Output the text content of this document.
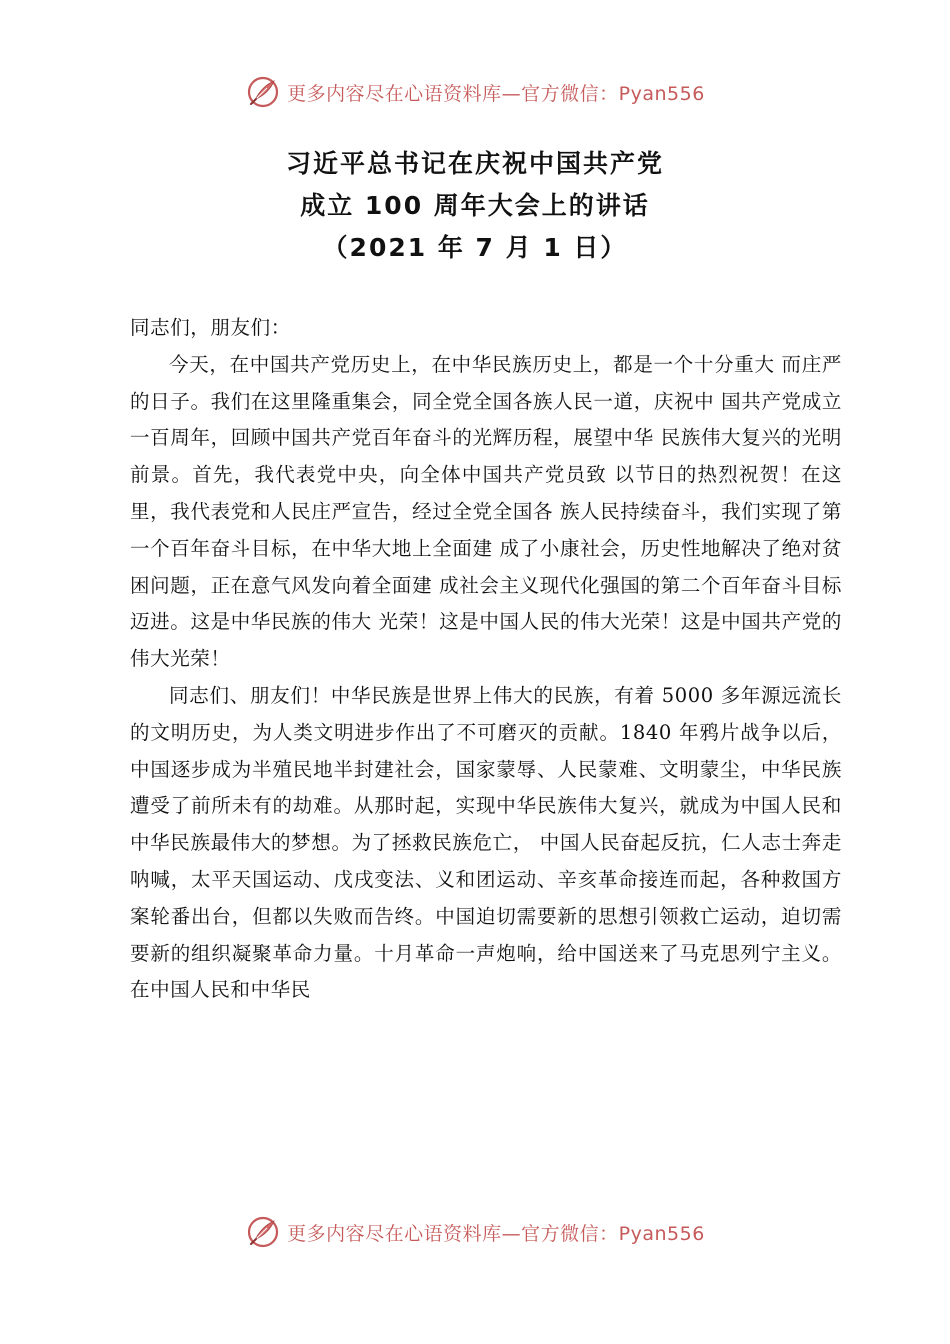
更多内容尽在心语资料库—官方微信：Pyan556
习近平总书记在庆祝中国共产党
成立 100 周年大会上的讲话
（2021 年 7 月 1 日）

同志们，朋友们：

今天，在中国共产党历史上，在中华民族历史上，都是一个十分重大 而庄严的日子。我们在这里隆重集会，同全党全国各族人民一道，庆祝中 国共产党成立一百周年，回顾中国共产党百年奋斗的光辉历程，展望中华 民族伟大复兴的光明前景。首先，我代表党中央，向全体中国共产党员致 以节日的热烈祝贺！在这里，我代表党和人民庄严宣告，经过全党全国各 族人民持续奋斗，我们实现了第一个百年奋斗目标，在中华大地上全面建 成了小康社会，历史性地解决了绝对贫困问题，正在意气风发向着全面建 成社会主义现代化强国的第二个百年奋斗目标迈进。这是中华民族的伟大 光荣！这是中国人民的伟大光荣！这是中国共产党的伟大光荣！

同志们、朋友们！中华民族是世界上伟大的民族，有着 5000 多年源远流长的文明历史，为人类文明进步作出了不可磨灭的贡献。1840 年鸦片战争以后，中国逐步成为半殖民地半封建社会，国家蒙辱、人民蒙难、文明蒙尘，中华民族遭受了前所未有的劫难。从那时起，实现中华民族伟大复兴，就成为中国人民和中华民族最伟大的梦想。为了拯救民族危亡， 中国人民奋起反抗，仁人志士奔走呐喊，太平天国运动、戊戌变法、义和团运动、辛亥革命接连而起，各种救国方案轮番出台，但都以失败而告终。中国迫切需要新的思想引领救亡运动，迫切需要新的组织凝聚革命力量。十月革命一声炮响，给中国送来了马克思列宁主义。在中国人民和中华民

更多内容尽在心语资料库—官方微信：Pyan556
